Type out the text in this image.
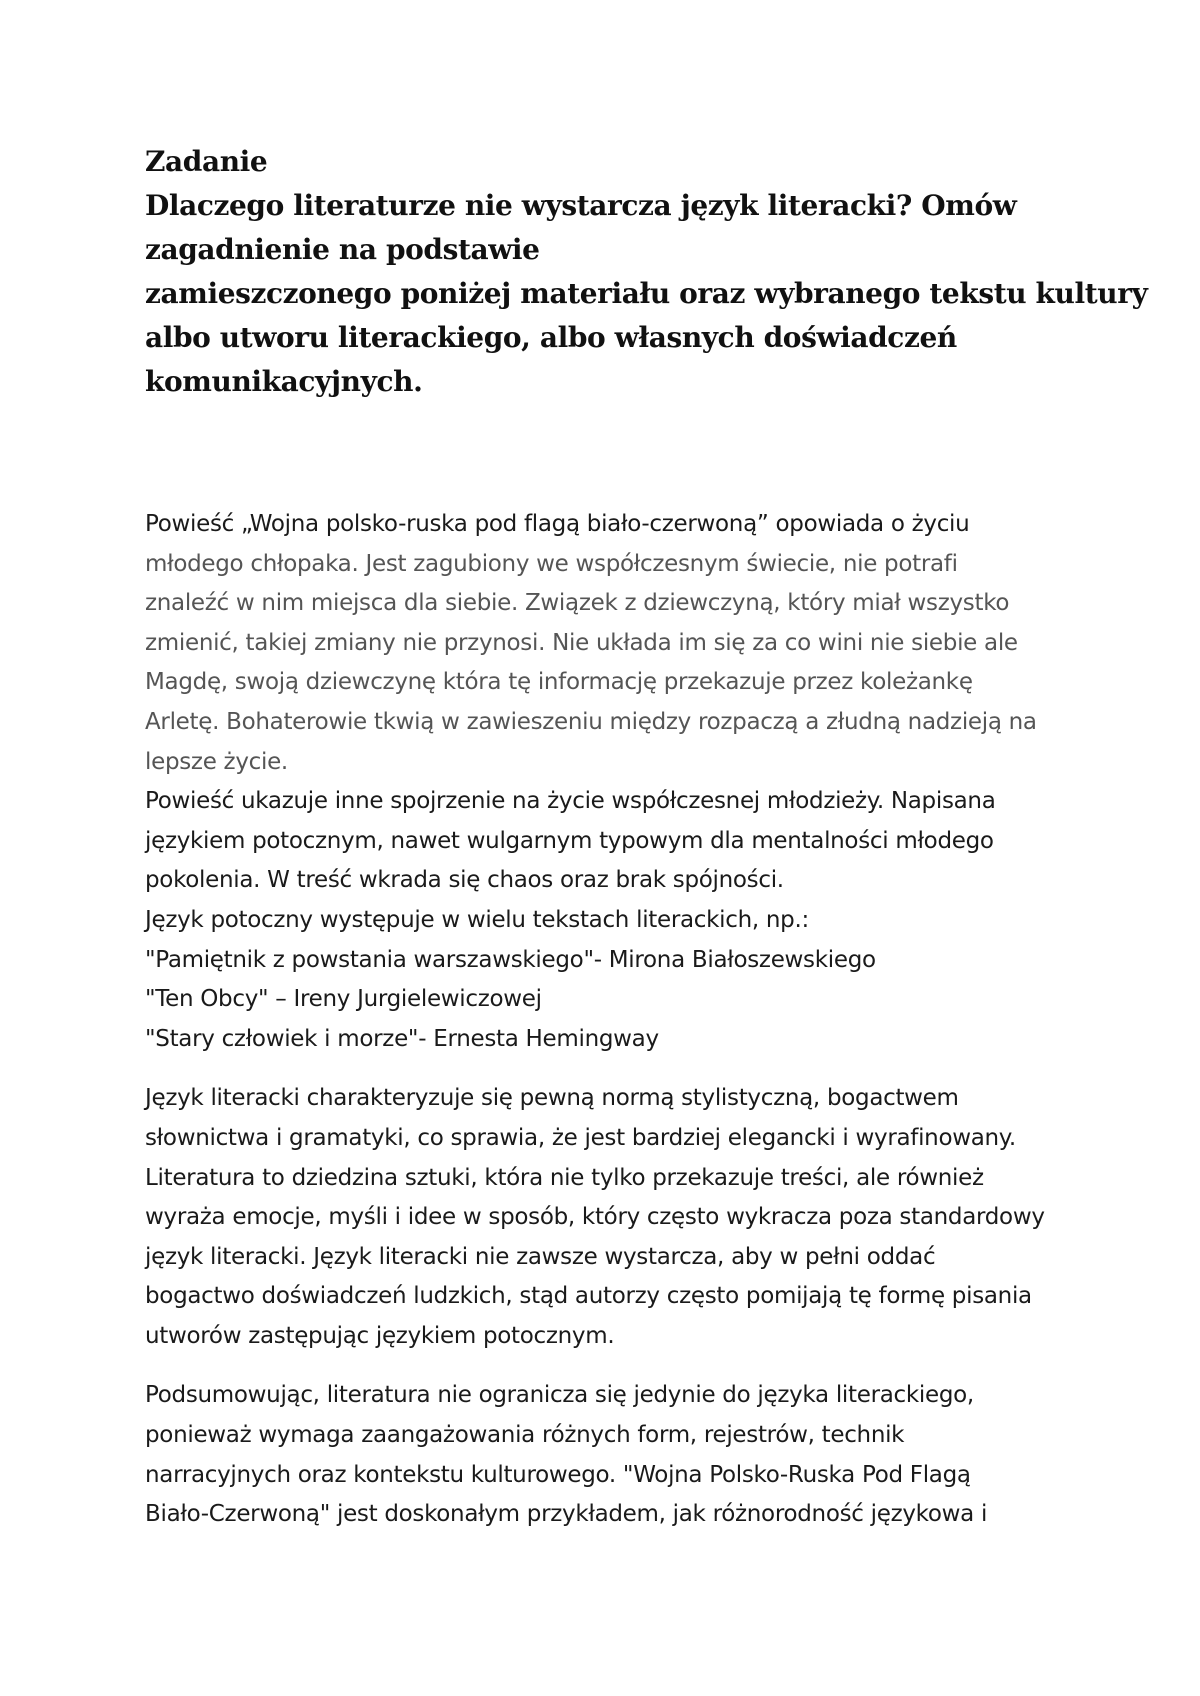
Zadanie
Dlaczego literaturze nie wystarcza język literacki? Omów
zagadnienie na podstawie
zamieszczonego poniżej materiału oraz wybranego tekstu kultury
albo utworu literackiego, albo własnych doświadczeń
komunikacyjnych.
Powieść „Wojna polsko-ruska pod flagą biało-czerwoną” opowiada o życiu
młodego chłopaka. Jest zagubiony we współczesnym świecie, nie potrafi
znaleźć w nim miejsca dla siebie. Związek z dziewczyną, który miał wszystko
zmienić, takiej zmiany nie przynosi. Nie układa im się za co wini nie siebie ale
Magdę, swoją dziewczynę która tę informację przekazuje przez koleżankę
Arletę. Bohaterowie tkwią w zawieszeniu między rozpaczą a złudną nadzieją na
lepsze życie.
Powieść ukazuje inne spojrzenie na życie współczesnej młodzieży. Napisana
językiem potocznym, nawet wulgarnym typowym dla mentalności młodego
pokolenia. W treść wkrada się chaos oraz brak spójności.
Język potoczny występuje w wielu tekstach literackich, np.:
"Pamiętnik z powstania warszawskiego"- Mirona Białoszewskiego
"Ten Obcy" – Ireny Jurgielewiczowej
"Stary człowiek i morze"- Ernesta Hemingway
Język literacki charakteryzuje się pewną normą stylistyczną, bogactwem
słownictwa i gramatyki, co sprawia, że jest bardziej elegancki i wyrafinowany.
Literatura to dziedzina sztuki, która nie tylko przekazuje treści, ale również
wyraża emocje, myśli i idee w sposób, który często wykracza poza standardowy
język literacki. Język literacki nie zawsze wystarcza, aby w pełni oddać
bogactwo doświadczeń ludzkich, stąd autorzy często pomijają tę formę pisania
utworów zastępując językiem potocznym.
Podsumowując, literatura nie ogranicza się jedynie do języka literackiego,
ponieważ wymaga zaangażowania różnych form, rejestrów, technik
narracyjnych oraz kontekstu kulturowego. "Wojna Polsko-Ruska Pod Flagą
Biało-Czerwoną" jest doskonałym przykładem, jak różnorodność językowa i
